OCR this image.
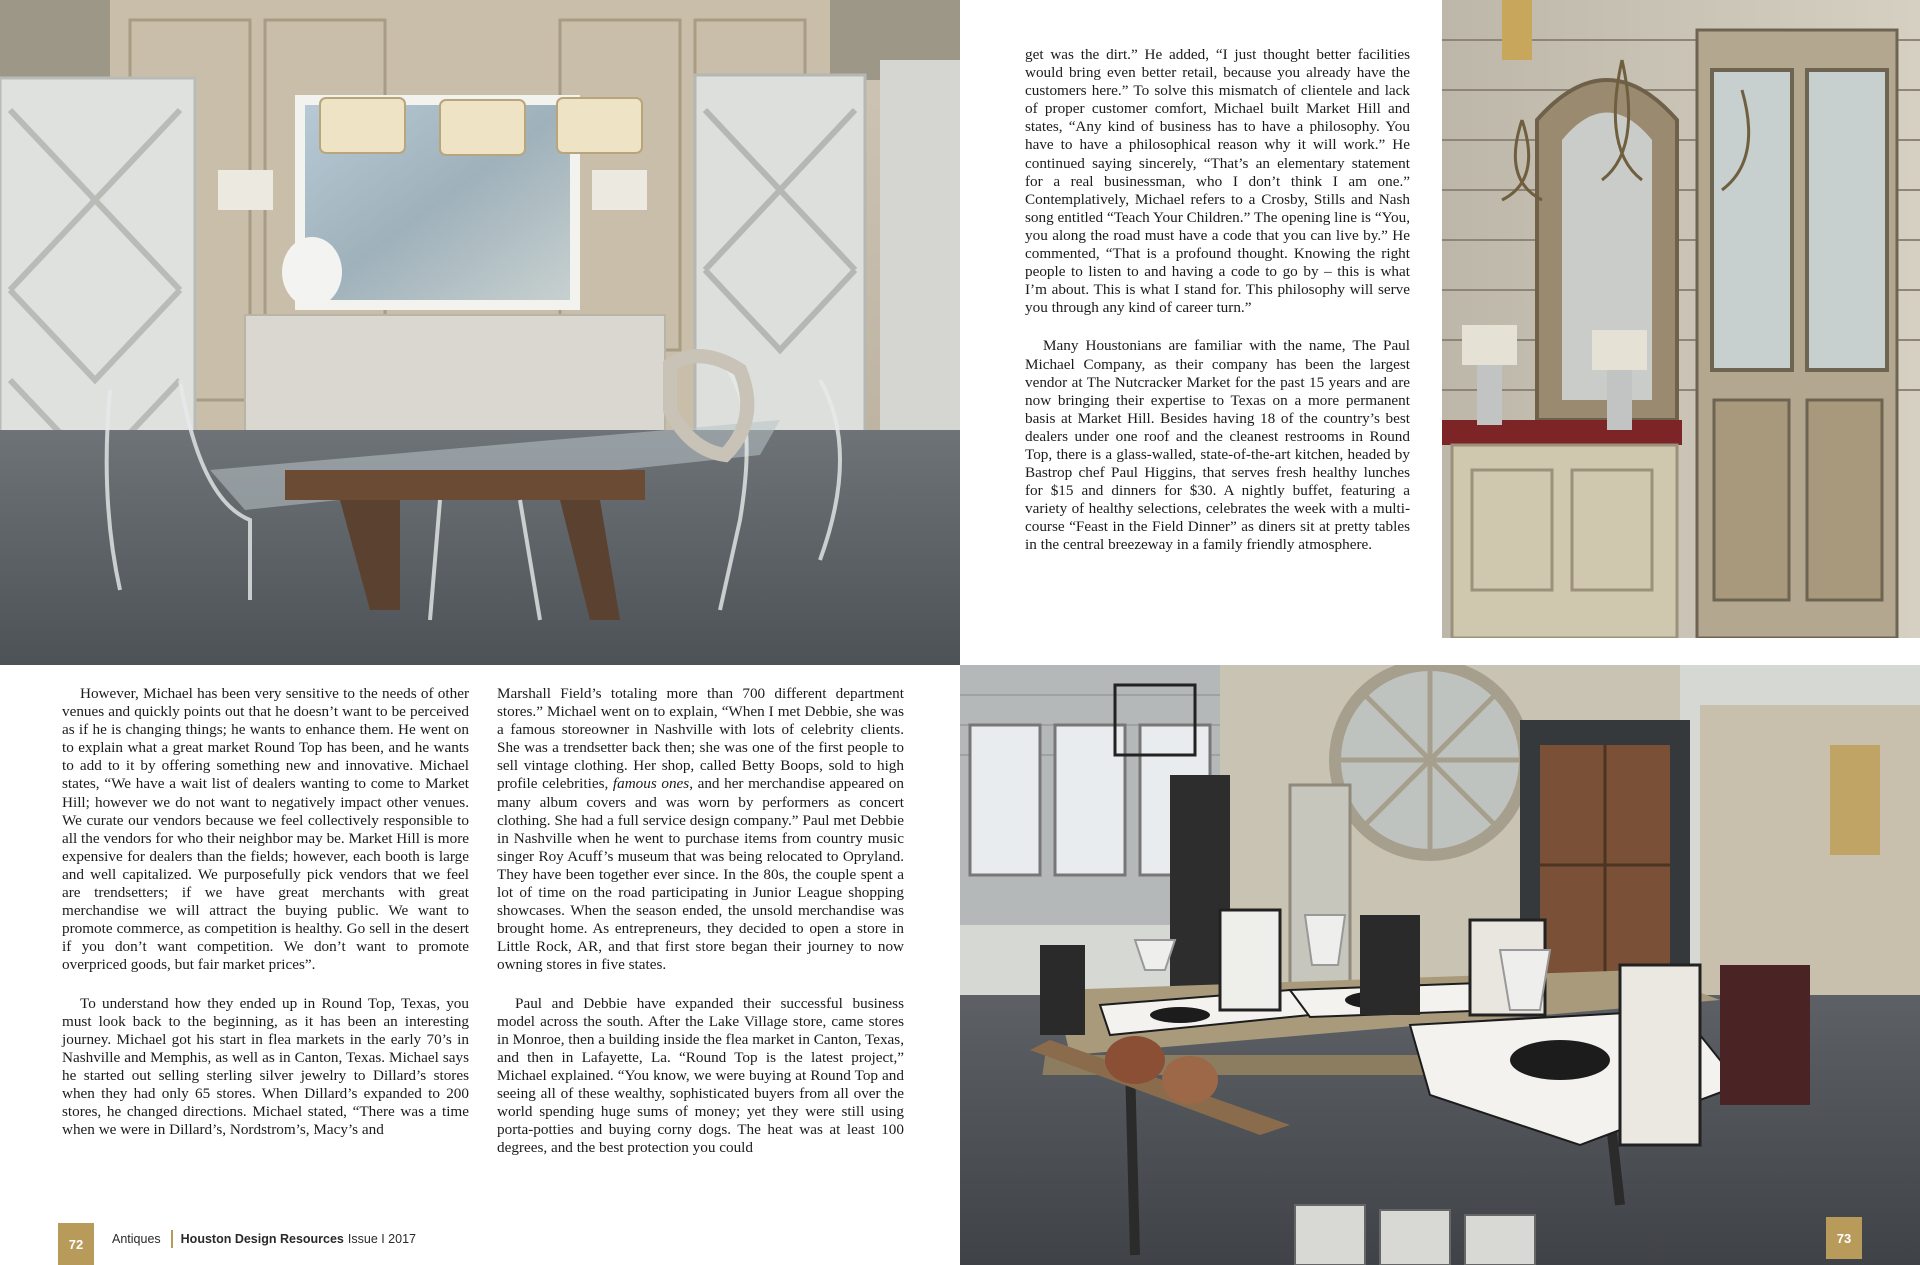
get was the dirt.” He added, “I just thought better facilities would bring even better retail, because you already have the customers here.” To solve this mismatch of clientele and lack of proper customer comfort, Michael built Market Hill and states, “Any kind of business has to have a philosophy. You have to have a philosophical reason why it will work.” He continued saying sincerely, “That’s an elementary statement for a real businessman, who I don’t think I am one.” Contemplatively, Michael refers to a Crosby, Stills and Nash song entitled “Teach Your Children.” The opening line is “You, you along the road must have a code that you can live by.” He commented, “That is a profound thought. Knowing the right people to listen to and having a code to go by – this is what I’m about. This is what I stand for. This philosophy will serve you through any kind of career turn.”

Many Houstonians are familiar with the name, The Paul Michael Company, as their company has been the largest vendor at The Nutcracker Market for the past 15 years and are now bringing their expertise to Texas on a more permanent basis at Market Hill. Besides having 18 of the country’s best dealers under one roof and the cleanest restrooms in Round Top, there is a glass-walled, state-of-the-art kitchen, headed by Bastrop chef Paul Higgins, that serves fresh healthy lunches for $15 and dinners for $30. A nightly buffet, featuring a variety of healthy selections, celebrates the week with a multi-course “Feast in the Field Dinner” as diners sit at pretty tables in the central breezeway in a family friendly atmosphere.

However, Michael has been very sensitive to the needs of other venues and quickly points out that he doesn’t want to be perceived as if he is changing things; he wants to enhance them. He went on to explain what a great market Round Top has been, and he wants to add to it by offering something new and innovative. Michael states, “We have a wait list of dealers wanting to come to Market Hill; however we do not want to negatively impact other venues. We curate our vendors because we feel collectively responsible to all the vendors for who their neighbor may be. Market Hill is more expensive for dealers than the fields; however, each booth is large and well capitalized. We purposefully pick vendors that we feel are trendsetters; if we have great merchants with great merchandise we will attract the buying public. We want to promote commerce, as competition is healthy. Go sell in the desert if you don’t want competition. We don’t want to promote overpriced goods, but fair market prices”.

To understand how they ended up in Round Top, Texas, you must look back to the beginning, as it has been an interesting journey. Michael got his start in flea markets in the early 70’s in Nashville and Memphis, as well as in Canton, Texas. Michael says he started out selling sterling silver jewelry to Dillard’s stores when they had only 65 stores. When Dillard’s expanded to 200 stores, he changed directions. Michael stated, “There was a time when we were in Dillard’s, Nordstrom’s, Macy’s and

Marshall Field’s totaling more than 700 different department stores.” Michael went on to explain, “When I met Debbie, she was a famous storeowner in Nashville with lots of celebrity clients. She was a trendsetter back then; she was one of the first people to sell vintage clothing. Her shop, called Betty Boops, sold to high profile celebrities, famous ones, and her merchandise appeared on many album covers and was worn by performers as concert clothing. She had a full service design company.” Paul met Debbie in Nashville when he went to purchase items from country music singer Roy Acuff’s museum that was being relocated to Opryland. They have been together ever since. In the 80s, the couple spent a lot of time on the road participating in Junior League shopping showcases. When the season ended, the unsold merchandise was brought home. As entrepreneurs, they decided to open a store in Little Rock, AR, and that first store began their journey to now owning stores in five states.

Paul and Debbie have expanded their successful business model across the south. After the Lake Village store, came stores in Monroe, then a building inside the flea market in Canton, Texas, and then in Lafayette, La. “Round Top is the latest project,” Michael explained. “You know, we were buying at Round Top and seeing all of these wealthy, sophisticated buyers from all over the world spending huge sums of money; yet they were still using porta-potties and buying corny dogs. The heat was at least 100 degrees, and the best protection you could

72 Antiques Houston Design Resources Issue I 2017	73
